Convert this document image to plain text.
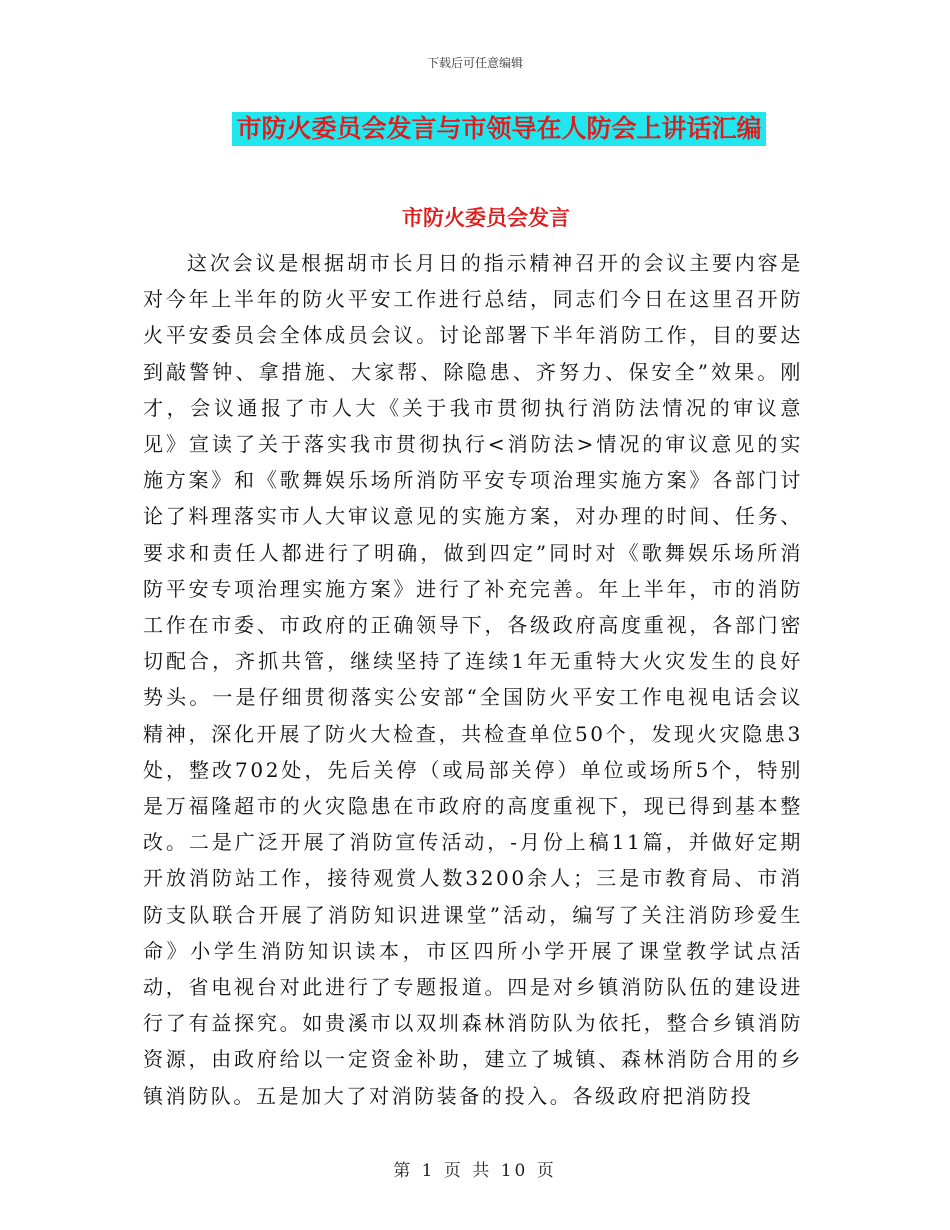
下载后可任意编辑
市防火委员会发言与市领导在人防会上讲话汇编
市防火委员会发言

这次会议是根据胡市长月日的指示精神召开的会议主要内容是对今年上半年的防火平安工作进行总结，同志们今日在这里召开防火平安委员会全体成员会议。讨论部署下半年消防工作，目的要达到敲警钟、拿措施、大家帮、除隐患、齐努力、保安全”效果。刚才，会议通报了市人大《关于我市贯彻执行消防法情况的审议意见》宣读了关于落实我市贯彻执行<消防法>情况的审议意见的实施方案》和《歌舞娱乐场所消防平安专项治理实施方案》各部门讨论了料理落实市人大审议意见的实施方案，对办理的时间、任务、要求和责任人都进行了明确，做到四定”同时对《歌舞娱乐场所消防平安专项治理实施方案》进行了补充完善。年上半年，市的消防工作在市委、市政府的正确领导下，各级政府高度重视，各部门密切配合，齐抓共管，继续坚持了连续1年无重特大火灾发生的良好势头。一是仔细贯彻落实公安部“全国防火平安工作电视电话会议精神，深化开展了防火大检查，共检查单位50个，发现火灾隐患3处，整改702处，先后关停（或局部关停）单位或场所5个，特别是万福隆超市的火灾隐患在市政府的高度重视下，现已得到基本整改。二是广泛开展了消防宣传活动，-月份上稿11篇，并做好定期开放消防站工作，接待观赏人数3200余人；三是市教育局、市消防支队联合开展了消防知识进课堂”活动，编写了关注消防珍爱生命》小学生消防知识读本，市区四所小学开展了课堂教学试点活动，省电视台对此进行了专题报道。四是对乡镇消防队伍的建设进行了有益探究。如贵溪市以双圳森林消防队为依托，整合乡镇消防资源，由政府给以一定资金补助，建立了城镇、森林消防合用的乡镇消防队。五是加大了对消防装备的投入。各级政府把消防投

第 1 页 共 10 页
